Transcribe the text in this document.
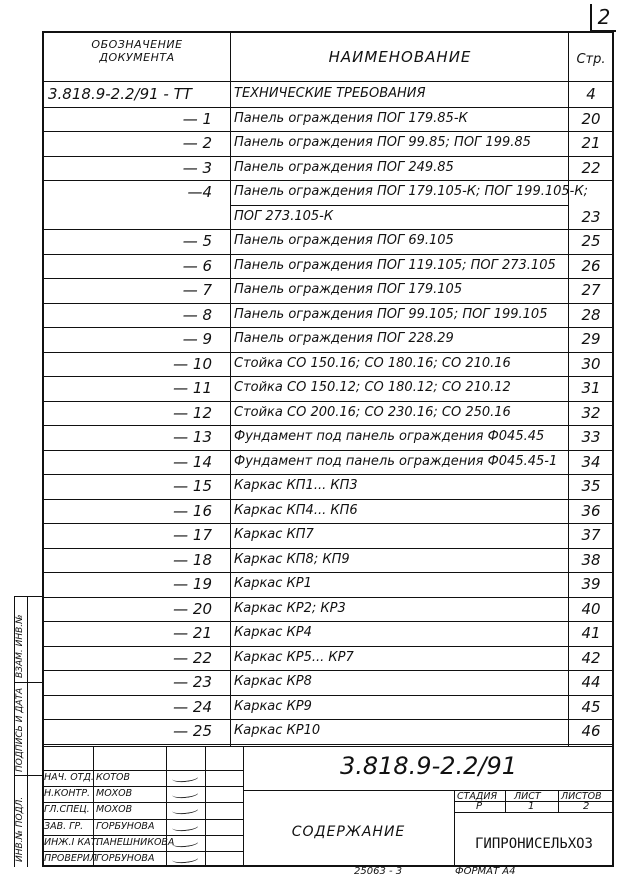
2
ОБОЗНАЧЕНИЕ
ДОКУМЕНТА	НАИМЕНОВАНИЕ	Стр.
3.818.9-2.2/91 - ТТ	ТЕХНИЧЕСКИЕ ТРЕБОВАНИЯ	4
— 1 Панель ограждения ПОГ 179.85-К	20
— 2 Панель ограждения ПОГ 99.85; ПОГ 199.85	21
— 3 Панель ограждения ПОГ 249.85	22
—4 Панель ограждения ПОГ 179.105-К; ПОГ 199.105-К;
ПОГ 273.105-К	23
— 5 Панель ограждения ПОГ 69.105	25
— 6 Панель ограждения ПОГ 119.105; ПОГ 273.105	26
— 7 Панель ограждения ПОГ 179.105	27
— 8 Панель ограждения ПОГ 99.105; ПОГ 199.105	28
— 9 Панель ограждения ПОГ 228.29	29
— 10 Стойка СО 150.16; СО 180.16; СО 210.16	30
— 11 Стойка СО 150.12; СО 180.12; СО 210.12	31
— 12 Стойка СО 200.16; СО 230.16; СО 250.16	32
— 13 Фундамент под панель ограждения Ф045.45	33
— 14 Фундамент под панель ограждения Ф045.45-1	34
— 15 Каркас КП1... КП3	35
— 16 Каркас КП4... КП6	36
— 17 Каркас КП7	37
— 18 Каркас КП8; КП9	38
— 19 Каркас КР1	39
— 20 Каркас КР2; КР3	40
— 21 Каркас КР4	41
— 22 Каркас КР5... КР7	42
— 23 Каркас КР8	44
— 24 Каркас КР9	45
— 25 Каркас КР10	46
3.818.9-2.2/91
СОДЕРЖАНИЕ
ГИПРОНИСЕЛЬХОЗ
СТАДИЯ ЛИСТ ЛИСТОВ
Р	1	2
НАЧ. ОТД. КОТОВ
Н.КОНТР. МОХОВ
ГЛ.СПЕЦ. МОХОВ
ЗАВ. ГР. ГОРБУНОВА
ИНЖ.I КАТ.
ПАНЕШНИКОВА
ПРОВЕРИЛ ГОРБУНОВА
ВЗАМ. ИНВ.№
ПОДПИСЬ И ДАТА
ИНВ.№ ПОДЛ.
25063 - 3	ФОРМАТ А4
